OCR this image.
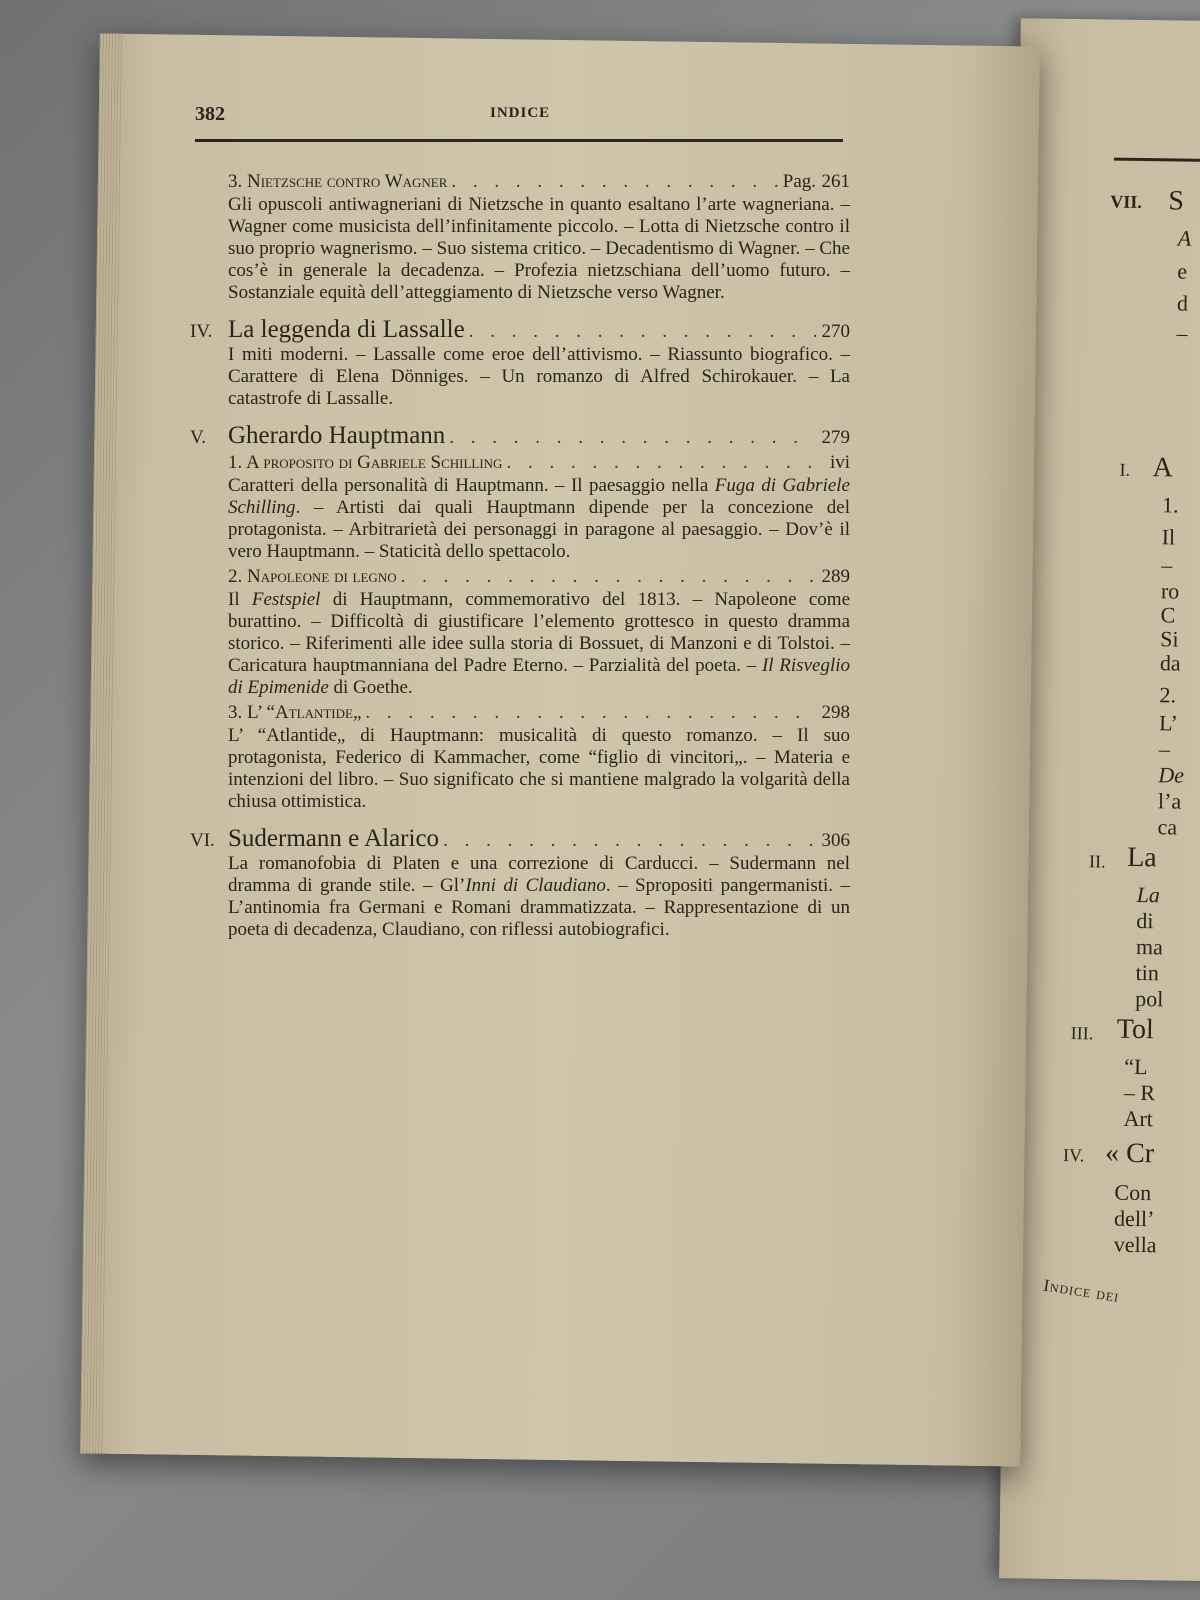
VII. S
A
e
d
–
I. A
1.
Il
–
ro
C
Si
da
2.
L’
–
De
l’a
ca
II. La
La
di
ma
tin
pol
III. Tol
“L
– R
Art
IV. « Cr
Con
dell’
vella
Indice dei
382	INDICE
3. Nietzsche contro Wagner . . .	Pag. 261
Gli opuscoli antiwagneriani di Nietzsche in quanto esaltano l’arte wagneriana. – Wagner come musicista dell’infinitamente piccolo. – Lotta di Nietzsche contro il suo proprio wagnerismo. – Suo sistema critico. – Decadentismo di Wagner. – Che cos’è in generale la decadenza. – Profezia nietzschiana dell’uomo futuro. – Sostanziale equità dell’atteggiamento di Nietzsche verso Wagner.
IV. La leggenda di Lassalle . . .	270
I miti moderni. – Lassalle come eroe dell’attivismo. – Riassunto biografico. – Carattere di Elena Dönniges. – Un romanzo di Alfred Schirokauer. – La catastrofe di Lassalle.
V. Gherardo Hauptmann . . .	279
1. A proposito di Gabriele Schilling . . .	ivi
Caratteri della personalità di Hauptmann. – Il paesaggio nella Fuga di Gabriele Schilling. – Artisti dai quali Hauptmann dipende per la concezione del protagonista. – Arbitrarietà dei personaggi in paragone al paesaggio. – Dov’è il vero Hauptmann. – Staticità dello spettacolo.
2. Napoleone di legno . . .	289
Il Festspiel di Hauptmann, commemorativo del 1813. – Napoleone come burattino. – Difficoltà di giustificare l’elemento grottesco in questo dramma storico. – Riferimenti alle idee sulla storia di Bossuet, di Manzoni e di Tolstoi. – Caricatura hauptmanniana del Padre Eterno. – Parzialità del poeta. – Il Risveglio di Epimenide di Goethe.
3. L’ “Atlantide„ . . .	298
L’ “Atlantide„ di Hauptmann: musicalità di questo romanzo. – Il suo protagonista, Federico di Kammacher, come “figlio di vincitori„. – Materia e intenzioni del libro. – Suo significato che si mantiene malgrado la volgarità della chiusa ottimistica.
VI. Sudermann e Alarico . . .	306
La romanofobia di Platen e una correzione di Carducci. – Sudermann nel dramma di grande stile. – Gl’Inni di Claudiano. – Spropositi pangermanisti. – L’antinomia fra Germani e Romani drammatizzata. – Rappresentazione di un poeta di decadenza, Claudiano, con riflessi autobiografici.
